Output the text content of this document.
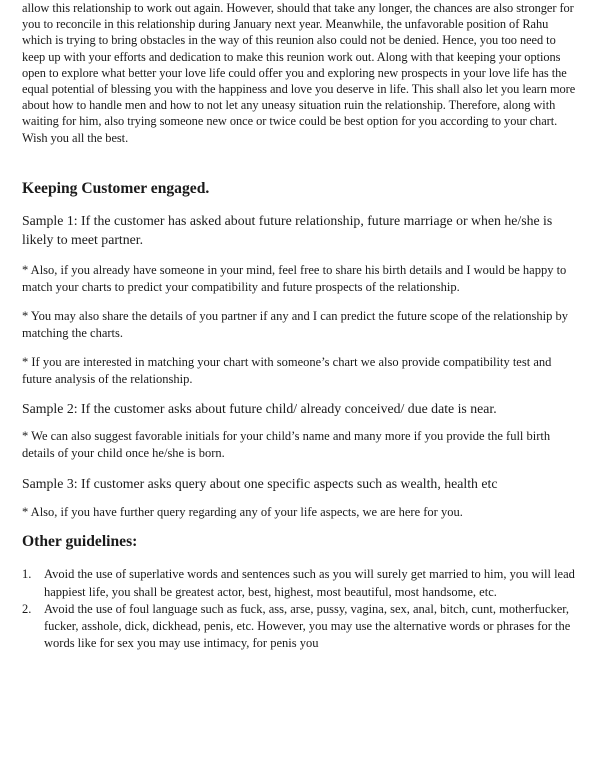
allow this relationship to work out again. However, should that take any longer, the chances are also stronger for you to reconcile in this relationship during January next year. Meanwhile, the unfavorable position of Rahu which is trying to bring obstacles in the way of this reunion also could not be denied. Hence, you too need to keep up with your efforts and dedication to make this reunion work out. Along with that keeping your options open to explore what better your love life could offer you and exploring new prospects in your love life has the equal potential of blessing you with the happiness and love you deserve in life. This shall also let you learn more about how to handle men and how to not let any uneasy situation ruin the relationship. Therefore, along with waiting for him, also trying someone new once or twice could be best option for you according to your chart. Wish you all the best.

Keeping Customer engaged.

Sample 1: If the customer has asked about future relationship, future marriage or when he/she is likely to meet partner.

* Also, if you already have someone in your mind, feel free to share his birth details and I would be happy to match your charts to predict your compatibility and future prospects of the relationship.

* You may also share the details of you partner if any and I can predict the future scope of the relationship by matching the charts.

* If you are interested in matching your chart with someone’s chart we also provide compatibility test and future analysis of the relationship.

Sample 2: If the customer asks about future child/ already conceived/ due date is near.

* We can also suggest favorable initials for your child’s name and many more if you provide the full birth details of your child once he/she is born.

Sample 3: If customer asks query about one specific aspects such as wealth, health etc

* Also, if you have further query regarding any of your life aspects, we are here for you.

Other guidelines:
1. Avoid the use of superlative words and sentences such as you will surely get married to him, you will lead happiest life, you shall be greatest actor, best, highest, most beautiful, most handsome, etc.
2. Avoid the use of foul language such as fuck, ass, arse, pussy, vagina, sex, anal, bitch, cunt, motherfucker, fucker, asshole, dick, dickhead, penis, etc. However, you may use the alternative words or phrases for the words like for sex you may use intimacy, for penis you
